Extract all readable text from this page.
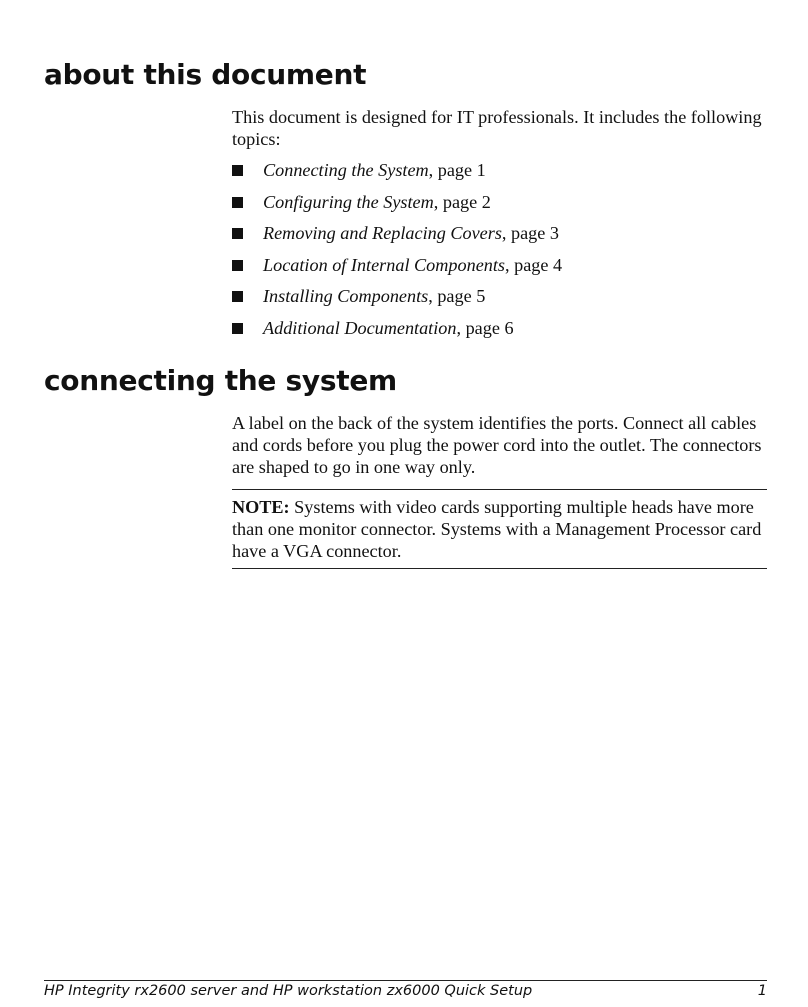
about this document
This document is designed for IT professionals. It includes the following topics:
Connecting the System, page 1
Configuring the System, page 2
Removing and Replacing Covers, page 3
Location of Internal Components, page 4
Installing Components, page 5
Additional Documentation, page 6
connecting the system
A label on the back of the system identifies the ports. Connect all cables and cords before you plug the power cord into the outlet. The connectors are shaped to go in one way only.
NOTE: Systems with video cards supporting multiple heads have more than one monitor connector. Systems with a Management Processor card have a VGA connector.
HP Integrity rx2600 server and HP workstation zx6000 Quick Setup	1
